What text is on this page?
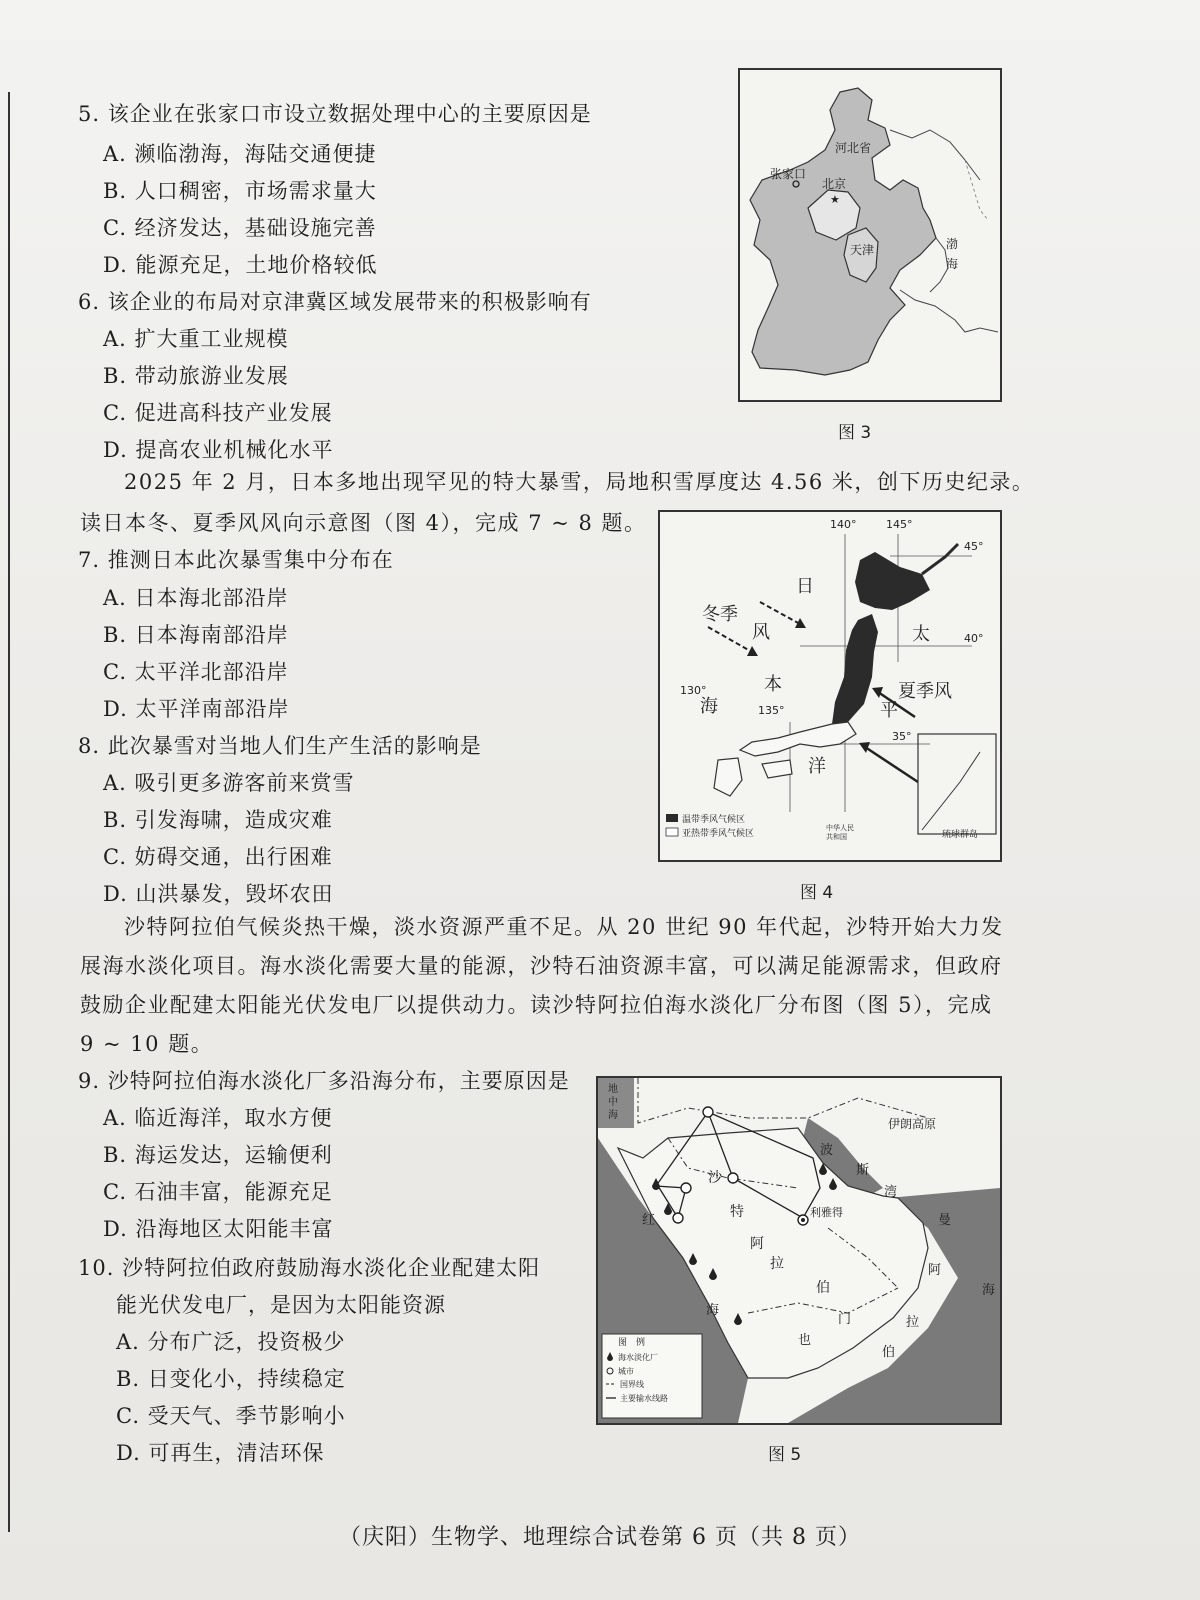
5. 该企业在张家口市设立数据处理中心的主要原因是
A. 濒临渤海，海陆交通便捷
B. 人口稠密，市场需求量大
C. 经济发达，基础设施完善
D. 能源充足，土地价格较低
6. 该企业的布局对京津冀区域发展带来的积极影响有
A. 扩大重工业规模
B. 带动旅游业发展
C. 促进高科技产业发展
D. 提高农业机械化水平
2025 年 2 月，日本多地出现罕见的特大暴雪，局地积雪厚度达 4.56 米，创下历史纪录。
读日本冬、夏季风风向示意图（图 4），完成 7 ~ 8 题。
7. 推测日本此次暴雪集中分布在
A. 日本海北部沿岸
B. 日本海南部沿岸
C. 太平洋北部沿岸
D. 太平洋南部沿岸
8. 此次暴雪对当地人们生产生活的影响是
A. 吸引更多游客前来赏雪
B. 引发海啸，造成灾难
C. 妨碍交通，出行困难
D. 山洪暴发，毁坏农田
沙特阿拉伯气候炎热干燥，淡水资源严重不足。从 20 世纪 90 年代起，沙特开始大力发
展海水淡化项目。海水淡化需要大量的能源，沙特石油资源丰富，可以满足能源需求，但政府
鼓励企业配建太阳能光伏发电厂以提供动力。读沙特阿拉伯海水淡化厂分布图（图 5），完成
9 ~ 10 题。
9. 沙特阿拉伯海水淡化厂多沿海分布，主要原因是
A. 临近海洋，取水方便
B. 海运发达，运输便利
C. 石油丰富，能源充足
D. 沿海地区太阳能丰富
10. 沙特阿拉伯政府鼓励海水淡化企业配建太阳
能光伏发电厂，是因为太阳能资源
A. 分布广泛，投资极少
B. 日变化小，持续稳定
C. 受天气、季节影响小
D. 可再生，清洁环保
河北省
张家口
北京
★
天津	渤
海
图 3
温带季风气候区
亚热带季风气候区
中华人民
共和国	琉球群岛
140°	145°
130°
135°
45°
40°
35°
日
本
海
太
平
洋
冬季
风
夏季风
图 4
图　例
海水淡化厂
城市
国界线
主要输水线路
地
中
海
伊朗高原
波
斯
湾
红
海
沙
特
阿
拉
伯
利雅得
门
也
曼
阿
拉
伯
海
图 5
（庆阳）生物学、地理综合试卷第 6 页（共 8 页）
